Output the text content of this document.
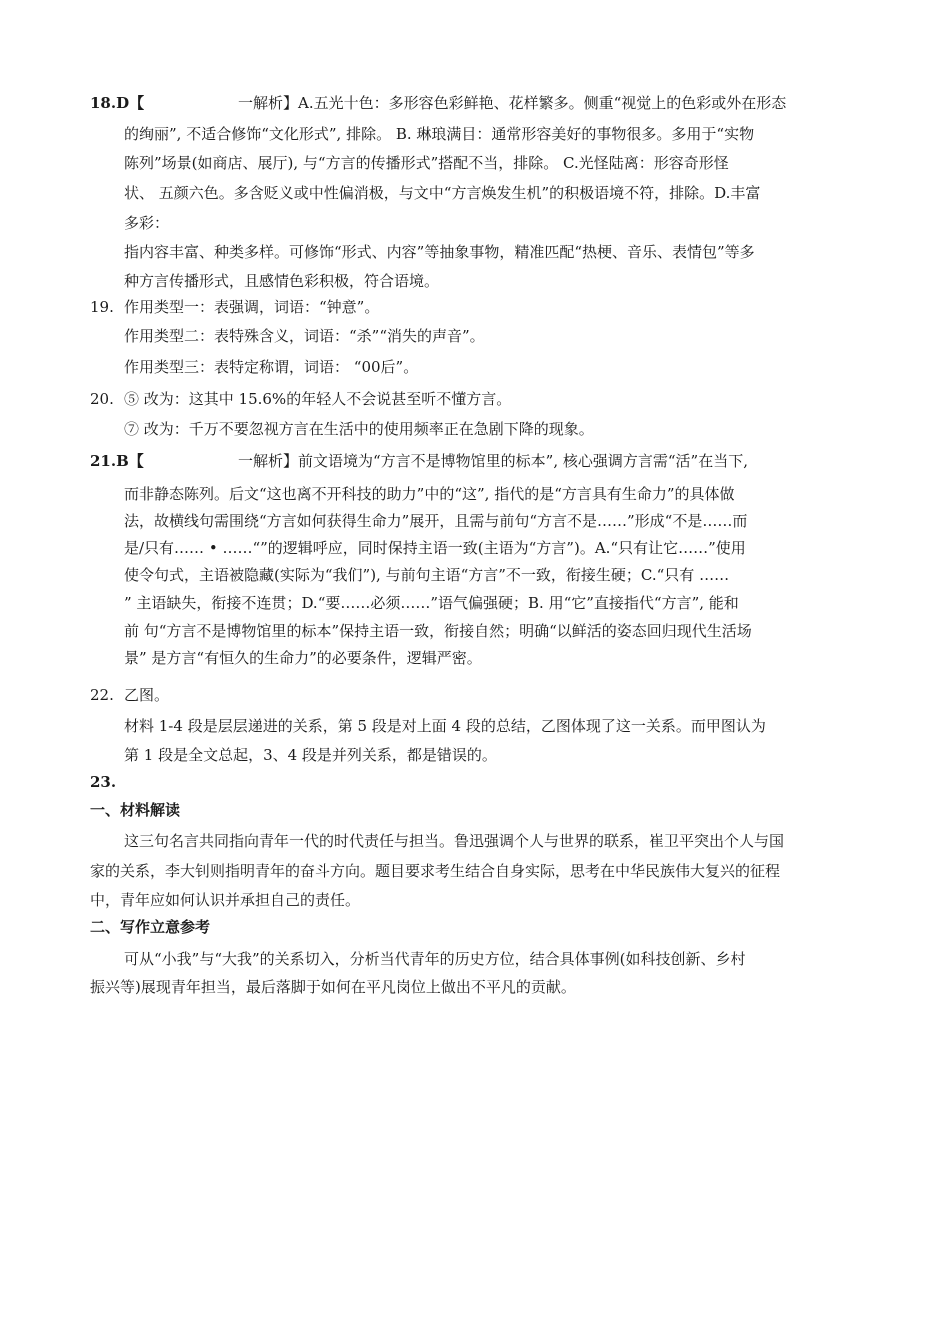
18.D【	一解析】A.五光十色：多形容色彩鲜艳、花样繁多。侧重“视觉上的色彩或外在形态
的绚丽”, 不适合修饰“文化形式”, 排除。 B. 琳琅满目：通常形容美好的事物很多。多用于“实物
陈列”场景(如商店、展厅), 与“方言的传播形式”搭配不当，排除。 C.光怪陆离：形容奇形怪
状、 五颜六色。多含贬义或中性偏消极，与文中“方言焕发生机”的积极语境不符，排除。D.丰富
多彩：
指内容丰富、种类多样。可修饰“形式、内容”等抽象事物，精准匹配“热梗、音乐、表情包”等多
种方言传播形式，且感情色彩积极，符合语境。
19. 作用类型一：表强调，词语：“钟意”。
作用类型二：表特殊含义，词语：“杀”“消失的声音”。
作用类型三：表特定称谓，词语： “00后”。
20. ⑤ 改为：这其中 15.6%的年轻人不会说甚至听不懂方言。
⑦ 改为：千万不要忽视方言在生活中的使用频率正在急剧下降的现象。
21.B【	一解析】前文语境为“方言不是博物馆里的标本”, 核心强调方言需“活”在当下,
而非静态陈列。后文“这也离不开科技的助力”中的“这”, 指代的是“方言具有生命力”的具体做
法，故横线句需围绕“方言如何获得生命力”展开，且需与前句“方言不是……”形成“不是……而
是/只有…… • ……“”的逻辑呼应，同时保持主语一致(主语为“方言”)。A.“只有让它……”使用
使令句式，主语被隐藏(实际为“我们”), 与前句主语“方言”不一致，衔接生硬；C.“只有 ……
” 主语缺失，衔接不连贯；D.“要……必须……”语气偏强硬；B. 用“它”直接指代“方言”, 能和
前 句“方言不是博物馆里的标本”保持主语一致，衔接自然；明确“以鲜活的姿态回归现代生活场
景” 是方言“有恒久的生命力”的必要条件，逻辑严密。
22. 乙图。
材料 1-4 段是层层递进的关系，第 5 段是对上面 4 段的总结，乙图体现了这一关系。而甲图认为
第 1 段是全文总起，3、4 段是并列关系，都是错误的。
23.
一、材料解读
这三句名言共同指向青年一代的时代责任与担当。鲁迅强调个人与世界的联系，崔卫平突出个人与国
家的关系，李大钊则指明青年的奋斗方向。题目要求考生结合自身实际，思考在中华民族伟大复兴的征程
中，青年应如何认识并承担自己的责任。
二、写作立意参考
可从“小我”与“大我”的关系切入，分析当代青年的历史方位，结合具体事例(如科技创新、乡村
振兴等)展现青年担当，最后落脚于如何在平凡岗位上做出不平凡的贡献。
